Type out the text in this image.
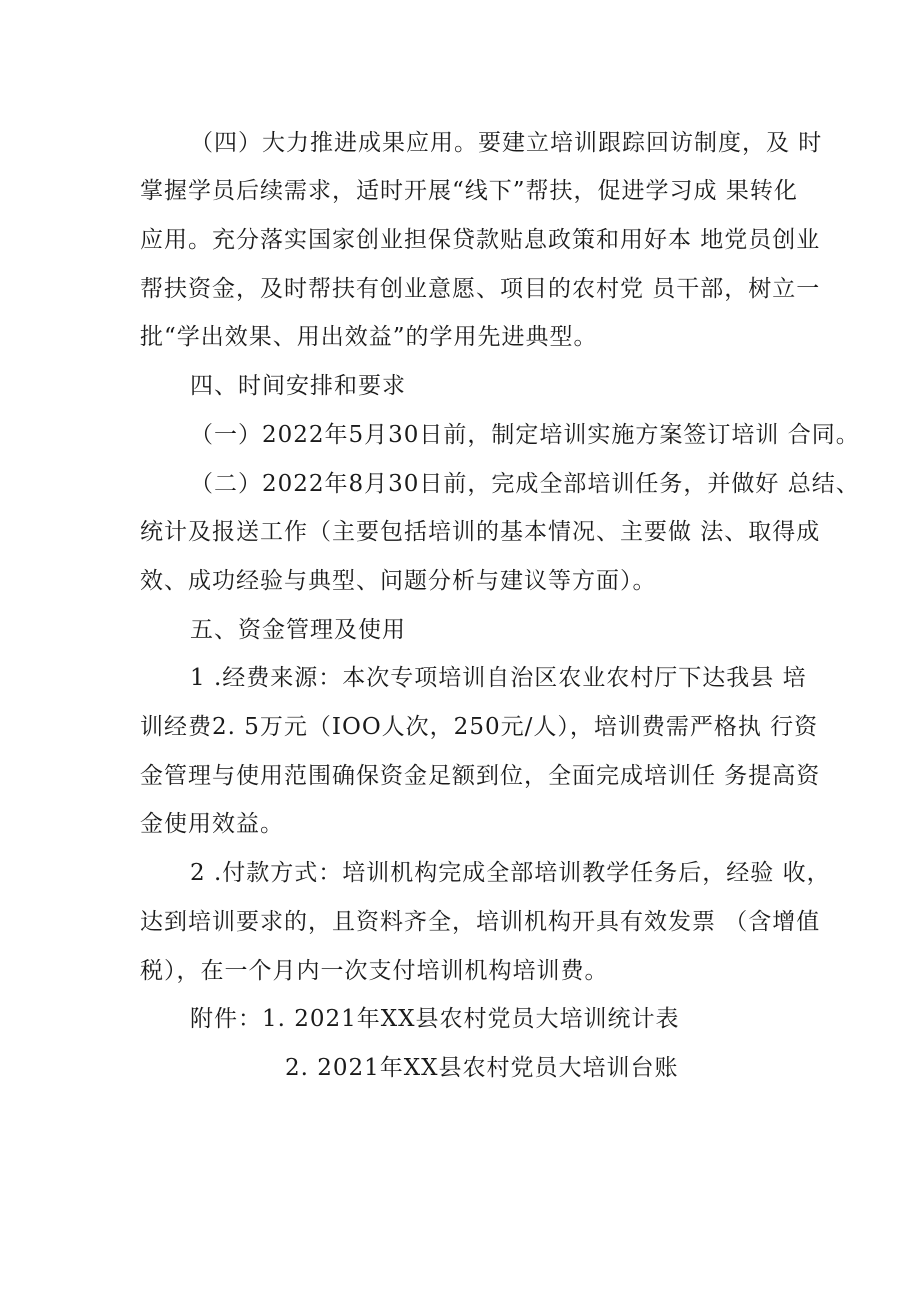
（四）大力推进成果应用。要建立培训跟踪回访制度，及 时
掌握学员后续需求，适时开展“线下”帮扶，促进学习成 果转化
应用。充分落实国家创业担保贷款贴息政策和用好本 地党员创业
帮扶资金，及时帮扶有创业意愿、项目的农村党 员干部，树立一
批“学出效果、用出效益”的学用先进典型。
四、时间安排和要求
（一）2022年5月30日前，制定培训实施方案签订培训 合同。
（二）2022年8月30日前，完成全部培训任务，并做好 总结、
统计及报送工作（主要包括培训的基本情况、主要做 法、取得成
效、成功经验与典型、问题分析与建议等方面）。
五、资金管理及使用
1 .经费来源：本次专项培训自治区农业农村厅下达我县 培
训经费2. 5万元（IOO人次，250元/人），培训费需严格执 行资
金管理与使用范围确保资金足额到位，全面完成培训任 务提高资
金使用效益。
2 .付款方式：培训机构完成全部培训教学任务后，经验 收，
达到培训要求的，且资料齐全，培训机构开具有效发票 （含增值
税），在一个月内一次支付培训机构培训费。
附件：1. 2021年XX县农村党员大培训统计表
2. 2021年XX县农村党员大培训台账
